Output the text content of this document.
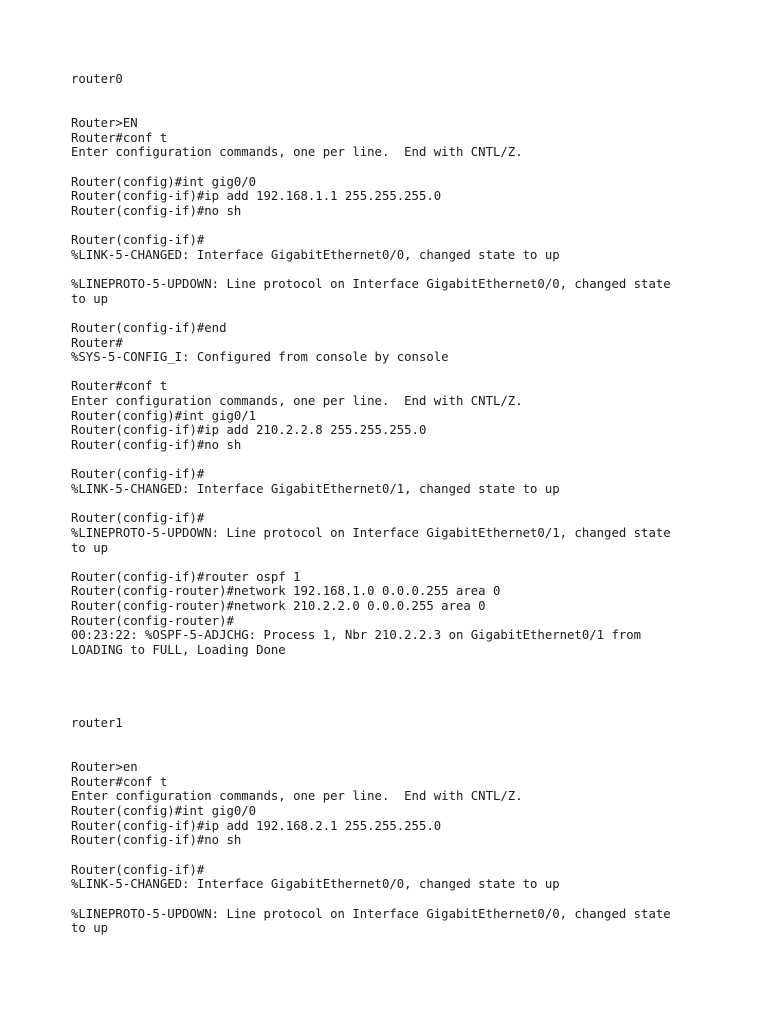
router0
Router>EN
Router#conf t
Enter configuration commands, one per line.  End with CNTL/Z.
Router(config)#int gig0/0
Router(config-if)#ip add 192.168.1.1 255.255.255.0
Router(config-if)#no sh
Router(config-if)#
%LINK-5-CHANGED: Interface GigabitEthernet0/0, changed state to up
%LINEPROTO-5-UPDOWN: Line protocol on Interface GigabitEthernet0/0, changed state
to up
Router(config-if)#end
Router#
%SYS-5-CONFIG_I: Configured from console by console
Router#conf t
Enter configuration commands, one per line.  End with CNTL/Z.
Router(config)#int gig0/1
Router(config-if)#ip add 210.2.2.8 255.255.255.0
Router(config-if)#no sh
Router(config-if)#
%LINK-5-CHANGED: Interface GigabitEthernet0/1, changed state to up
Router(config-if)#
%LINEPROTO-5-UPDOWN: Line protocol on Interface GigabitEthernet0/1, changed state
to up
Router(config-if)#router ospf 1
Router(config-router)#network 192.168.1.0 0.0.0.255 area 0
Router(config-router)#network 210.2.2.0 0.0.0.255 area 0
Router(config-router)#
00:23:22: %OSPF-5-ADJCHG: Process 1, Nbr 210.2.2.3 on GigabitEthernet0/1 from
LOADING to FULL, Loading Done
router1
Router>en
Router#conf t
Enter configuration commands, one per line.  End with CNTL/Z.
Router(config)#int gig0/0
Router(config-if)#ip add 192.168.2.1 255.255.255.0
Router(config-if)#no sh
Router(config-if)#
%LINK-5-CHANGED: Interface GigabitEthernet0/0, changed state to up
%LINEPROTO-5-UPDOWN: Line protocol on Interface GigabitEthernet0/0, changed state
to up
